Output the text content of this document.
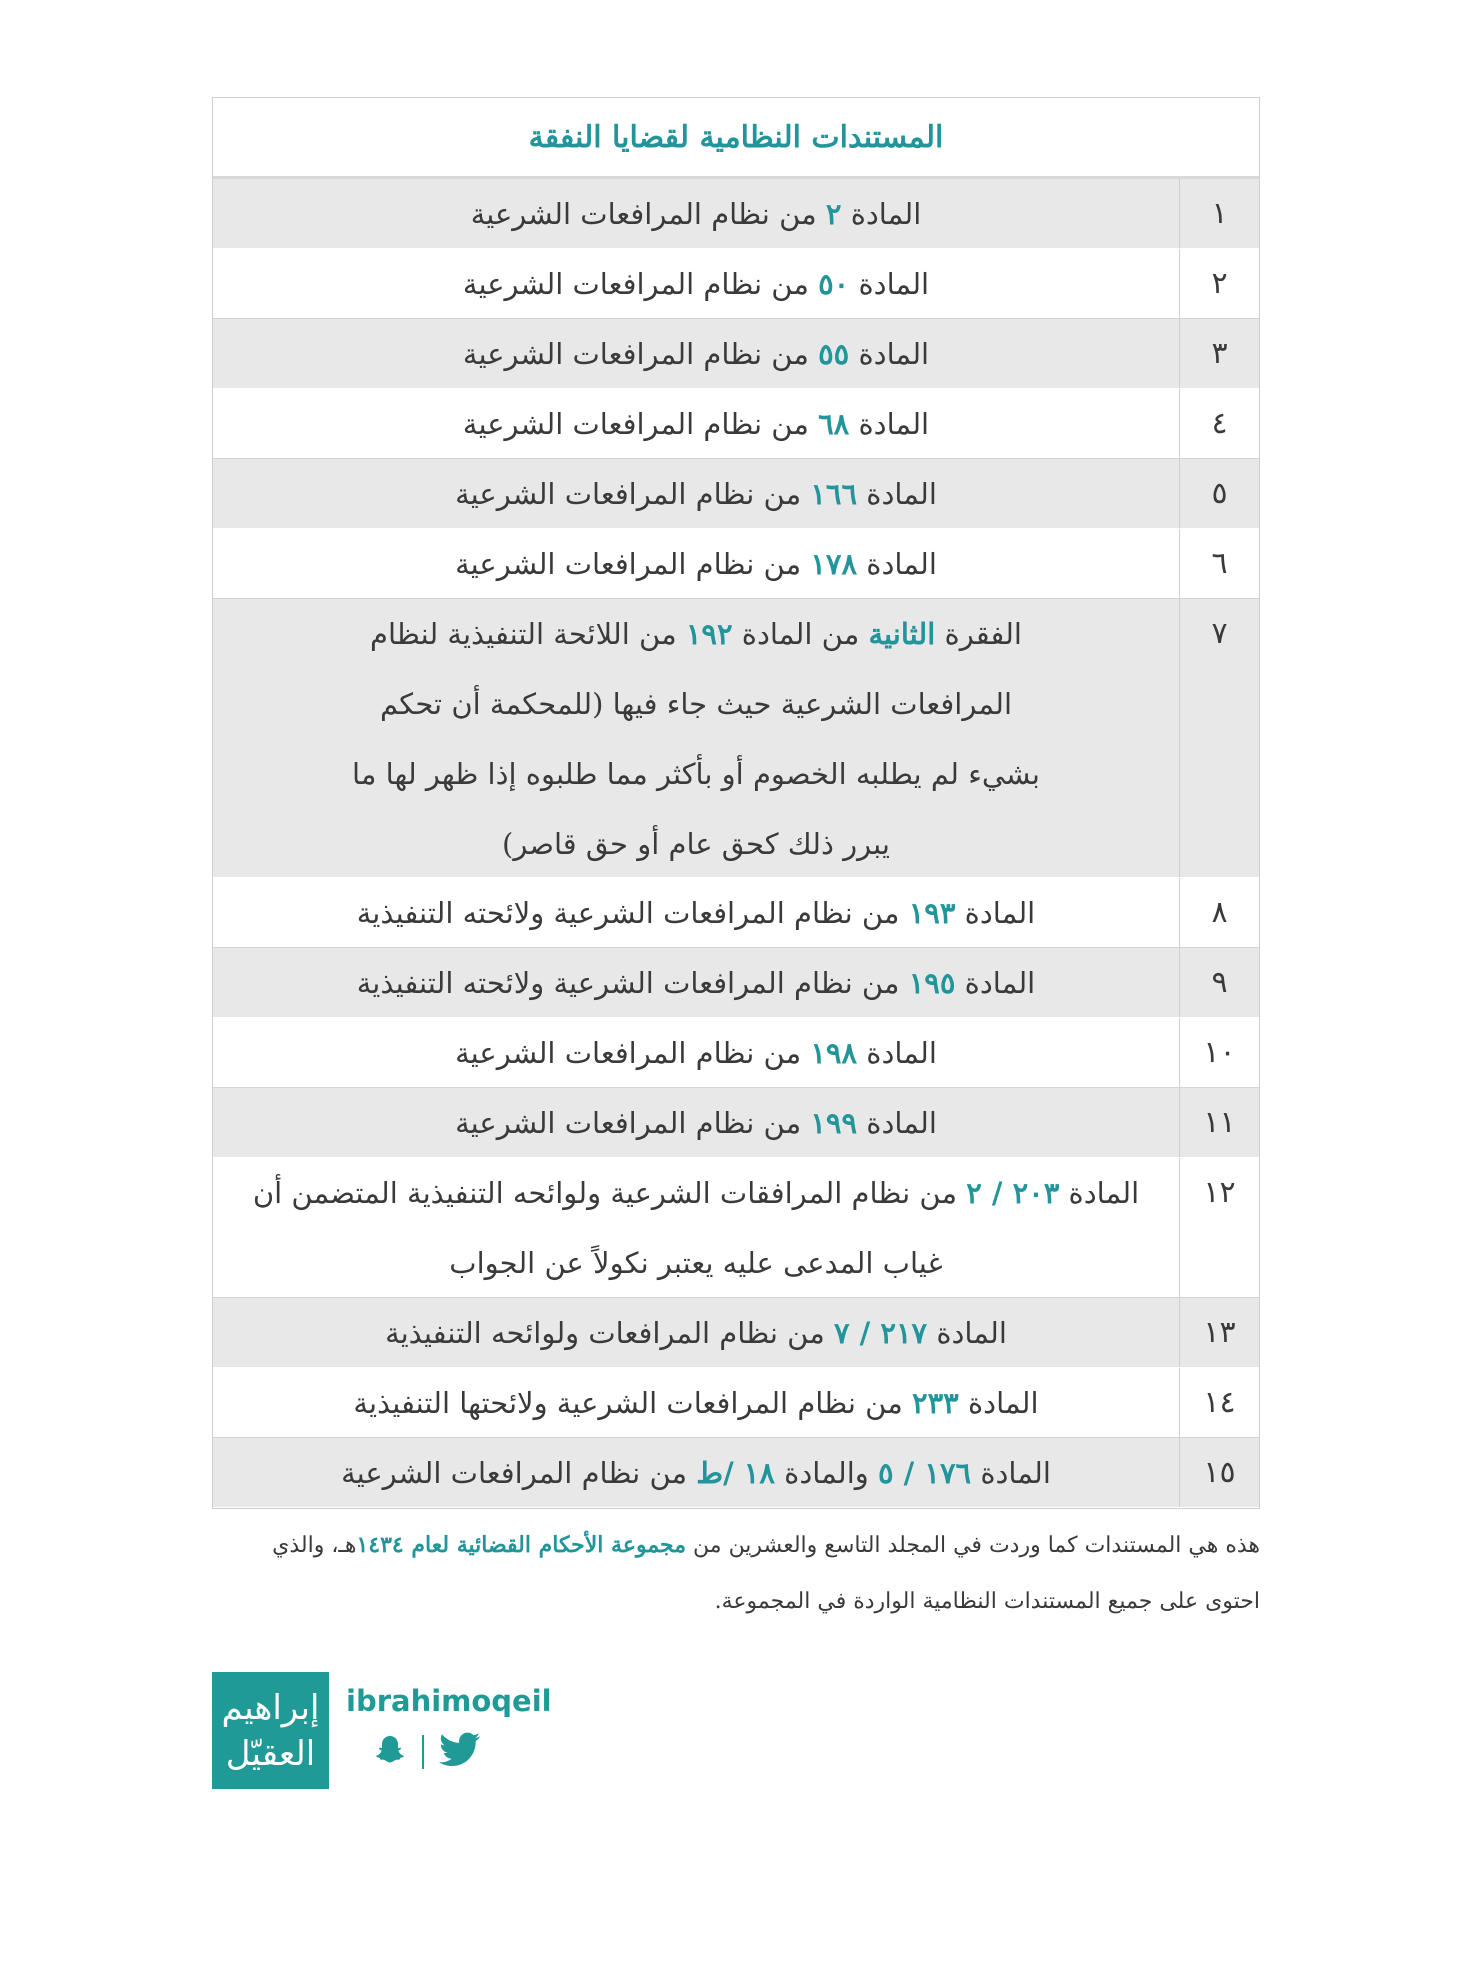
المستندات النظامية لقضايا النفقة
١
المادة ٢ من نظام المرافعات الشرعية
٢
المادة ٥٠ من نظام المرافعات الشرعية
٣
المادة ٥٥ من نظام المرافعات الشرعية
٤
المادة ٦٨ من نظام المرافعات الشرعية
٥
المادة ١٦٦ من نظام المرافعات الشرعية
٦
المادة ١٧٨ من نظام المرافعات الشرعية
٧
الفقرة الثانية من المادة ١٩٢ من اللائحة التنفيذية لنظام
المرافعات الشرعية حيث جاء فيها (للمحكمة أن تحكم
بشيء لم يطلبه الخصوم أو بأكثر مما طلبوه إذا ظهر لها ما
يبرر ذلك كحق عام أو حق قاصر)
٨
المادة ١٩٣ من نظام المرافعات الشرعية ولائحته التنفيذية
٩
المادة ١٩٥ من نظام المرافعات الشرعية ولائحته التنفيذية
١٠
المادة ١٩٨ من نظام المرافعات الشرعية
١١
المادة ١٩٩ من نظام المرافعات الشرعية
١٢
المادة ٢٠٣ / ٢ من نظام المرافقات الشرعية ولوائحه التنفيذية المتضمن أن
غياب المدعى عليه يعتبر نكولاً عن الجواب
١٣
المادة ٢١٧ / ٧ من نظام المرافعات ولوائحه التنفيذية
١٤
المادة ٢٣٣ من نظام المرافعات الشرعية ولائحتها التنفيذية
١٥
المادة ١٧٦ / ٥ والمادة ١٨ /ط من نظام المرافعات الشرعية
هذه هي المستندات كما وردت في المجلد التاسع والعشرين من مجموعة الأحكام القضائية لعام ١٤٣٤هـ، والذي
احتوى على جميع المستندات النظامية الواردة في المجموعة.
إبراهيم
العقيّل
ibrahimoqeil
